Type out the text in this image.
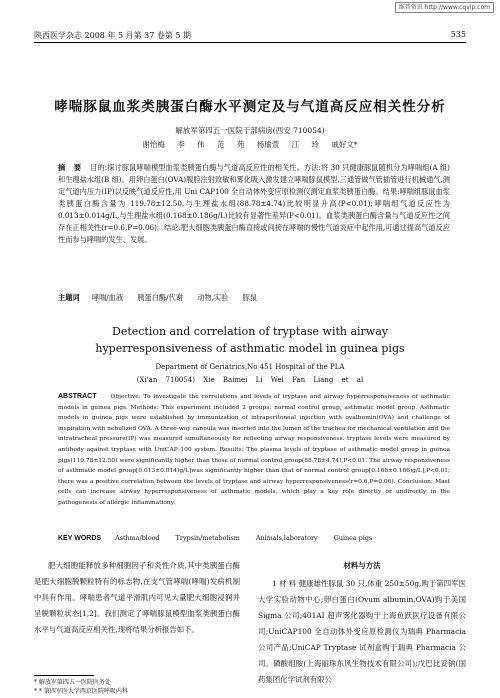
维普资讯 http://www.cqvip.com
陕西医学杂志 2008 年 5 月第 37 卷第 5 期	535
哮喘豚鼠血浆类胰蛋白酶水平测定及与气道高反应相关性分析
解放军第四五一医院干部病房(西安 710054)
谢怡梅 李 伟 范 苑 杨瑜萱 江 玲 戚好文*
摘 要 目的:探讨豚鼠哮喘模型血浆类胰蛋白酶与气道高反应性的相关性。方法:将 30 只健康豚鼠随机分为哮喘组(A 组)和生理盐水组(B 组)。用卵白蛋白(OVA)腹腔注射致敏和雾化吸入激发建立哮喘豚鼠模型,三通管做气管插管进行机械通气,测定气道内压力(IP)以反映气道反应性,用 Uni CAP100 全自动体外变应原检测仪测定血浆类胰蛋白酶。结果:哮喘组豚鼠血浆类胰蛋白酶含量为 119.78±12.50,与生理盐水组(88.78±4.74)比较明显升高(P<0.01);哮喘组气道反应性为 0.013±0.014g/L,与生理盐水组(0.168±0.186g/L)比较有显著性差异(P<0.01)。血浆类胰蛋白酶含量与气道反应性之间存在正相关性(r=0.6,P=0.06)。结论:肥大细胞类胰蛋白酶直接或间接在哮喘的慢性气道炎症中起作用,可通过提高气道反应性而参与哮喘的发生、发展。
主题词 哮喘/血液 胰蛋白酶/代谢 动物,实验 豚鼠
Detection and correlation of tryptase with airway
hyperresponsiveness of asthmatic model in guinea pigs
Department of Geriatrics,No 451 Hospital of the PLA
(Xi'an 710054) Xie Baimei Li Wei Fan Liang et al
ABSTRACT Objective: To investigate the correlations and levels of tryptase and airway hyperresponsiveness of asthmatic models in guinea pigs. Methods: This experiment included 2 groups: normal control group, asthmatic model group. Asthmatic models in guinea pigs were established by immunization of intraperitoneal injection with ovalbumin(OVA) and challenge of inspiration with nebulized OVA. A three-way cannula was inserted into the lumen of the trachea for mechanical ventilation and the intratracheal pressure(IP) was measured simultaneously for reflecting airway responsiveness. tryptase levels were measured by antibody against tryptase with UniCAP 100 system. Results: The plasma levels of tryptase of asthmatic model group in guinea pigs(119.78±12.50) were significantly higher than those of normal control group(88.78±4.74),P<0.01. The airway responsiveness of asthmatic model group[0.013±0.014)g/L]was significantly higher than that of normal control group[0.168±0.186)g/L],P<0.01; there was a positive correlation between the levels of tryptase and airway hyperresponsiveness(r=0.6,P=0.06). Conclusion: Mast cells can increase airway hyperresponsiveness of asthmatic models, which play a key role directly or undirectly in the pathogenesis of allergic inflammationy.
KEY WORDS Asthma/blood	Trypsin/metabolism	Animals,laboratory	Guinea pigs
肥大细胞能释放多种细胞因子和炎性介质,其中类胰蛋白酶是肥大细胞脱颗粒特有的标志物,在支气管哮喘(哮喘)发病机制中具有作用。哮喘患者气道平滑肌内可见大量肥大细胞浸润并呈脱颗粒状态[1,2]。我们测定了哮喘豚鼠模型血浆类胰蛋白酶水平与气道高反应相关性,现将结果分析报告如下。
* 解放军第四五一医院医务处
* * 第四军医大学西京医院呼吸内科
材料与方法
1 材 料 健康雄性豚鼠 30 只,体重 250±50g,购于第四军医大学实验动物中心;卵白蛋白(Ovum albumin,OVA)购于美国 Sigma 公司;401AI 超声雾化器购于上海鱼跃医疗设备有限公司;UniCAP100 全自动体外变应原检测仪为瑞典 Pharmacia 公司产品;UniCAP Tryptase 试剂盒购于瑞典 Pharmacia 公司。磷酸组胺(上海丽珠东风生物技术有限公司);戊巴比妥钠(国药集团化学试剂有限公
